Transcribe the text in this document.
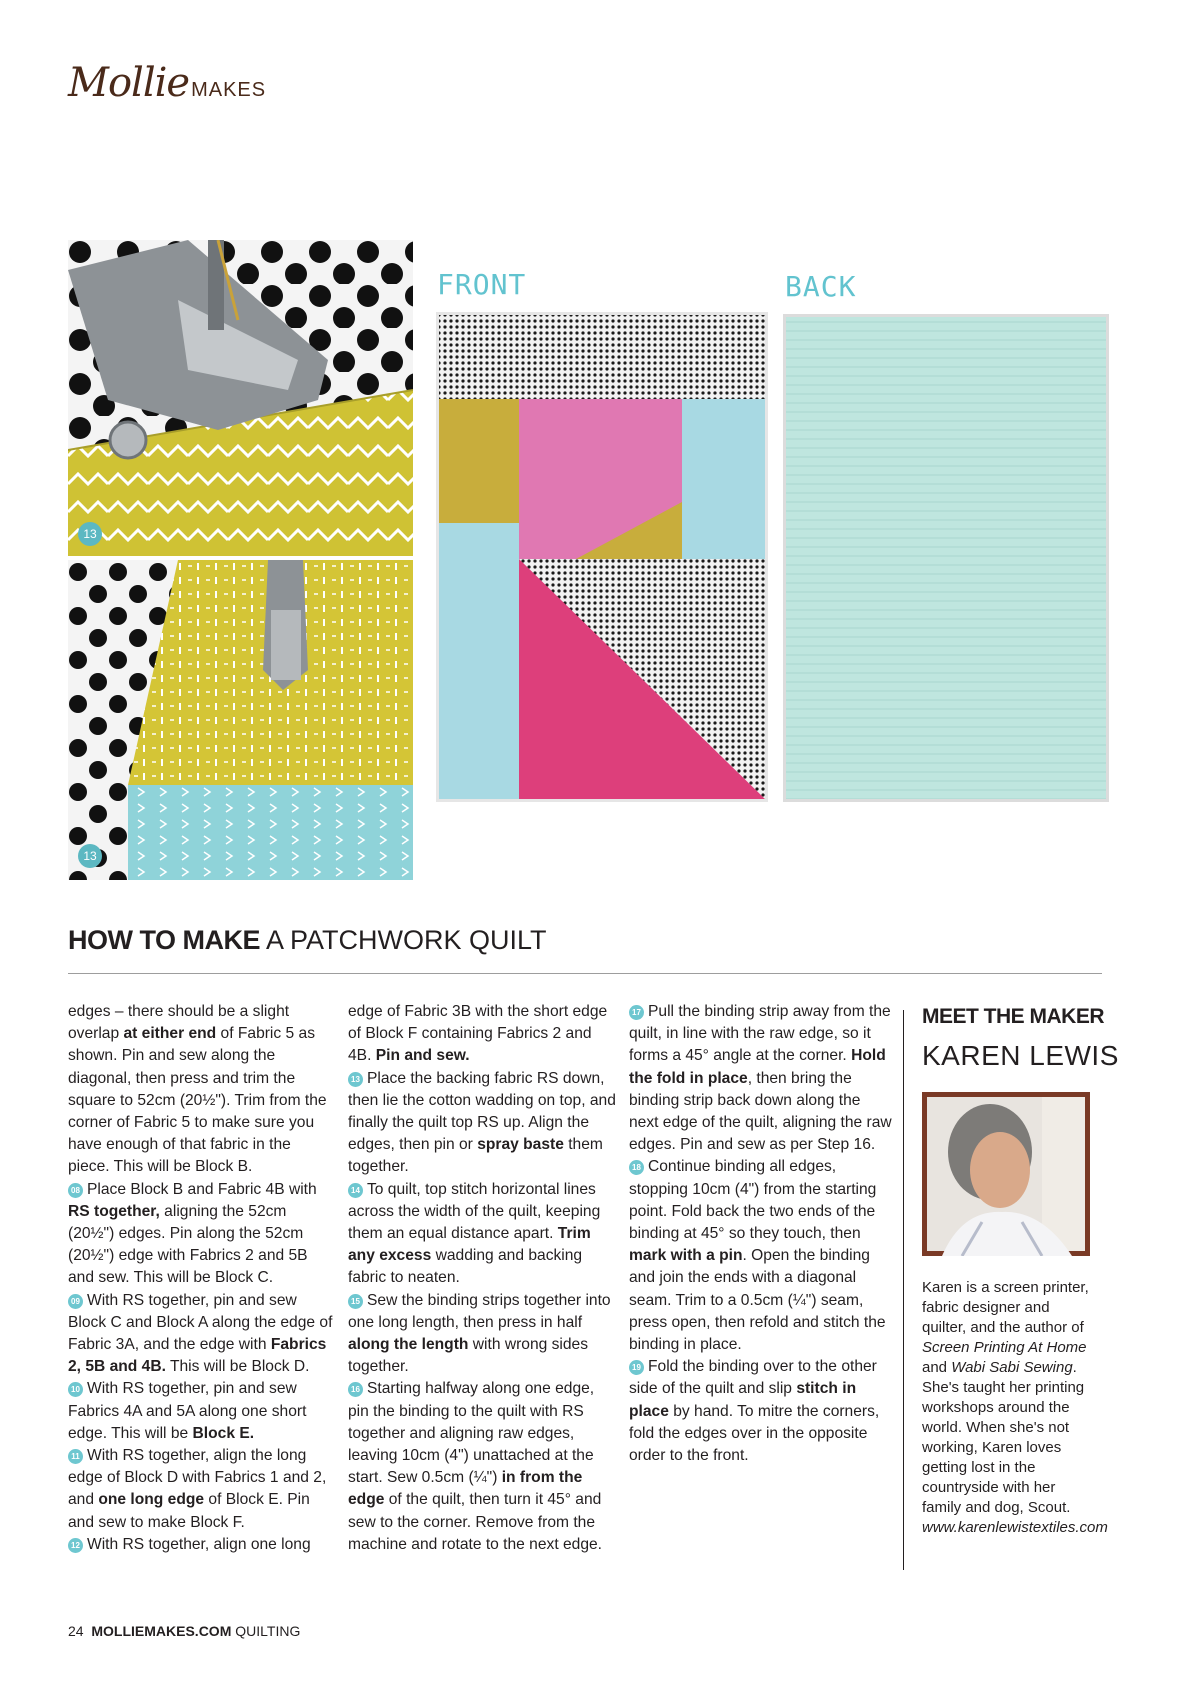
Mollie MAKES
13
13
FRONT	BACK
HOW TO MAKE A PATCHWORK QUILT
edges – there should be a slight overlap at either end of Fabric 5 as shown. Pin and sew along the diagonal, then press and trim the square to 52cm (20½"). Trim from the corner of Fabric 5 to make sure you have enough of that fabric in the piece. This will be Block B.
08 Place Block B and Fabric 4B with RS together, aligning the 52cm (20½") edges. Pin along the 52cm (20½") edge with Fabrics 2 and 5B and sew. This will be Block C.
09 With RS together, pin and sew Block C and Block A along the edge of Fabric 3A, and the edge with Fabrics 2, 5B and 4B. This will be Block D.
10 With RS together, pin and sew Fabrics 4A and 5A along one short edge. This will be Block E.
11 With RS together, align the long edge of Block D with Fabrics 1 and 2, and one long edge of Block E. Pin and sew to make Block F.
12 With RS together, align one long
edge of Fabric 3B with the short edge of Block F containing Fabrics 2 and 4B. Pin and sew.
13 Place the backing fabric RS down, then lie the cotton wadding on top, and finally the quilt top RS up. Align the edges, then pin or spray baste them together.
14 To quilt, top stitch horizontal lines across the width of the quilt, keeping them an equal distance apart. Trim any excess wadding and backing fabric to neaten.
15 Sew the binding strips together into one long length, then press in half along the length with wrong sides together.
16 Starting halfway along one edge, pin the binding to the quilt with RS together and aligning raw edges, leaving 10cm (4") unattached at the start. Sew 0.5cm (¼") in from the edge of the quilt, then turn it 45° and sew to the corner. Remove from the machine and rotate to the next edge.
17 Pull the binding strip away from the quilt, in line with the raw edge, so it forms a 45° angle at the corner. Hold the fold in place, then bring the binding strip back down along the next edge of the quilt, aligning the raw edges. Pin and sew as per Step 16.
18 Continue binding all edges, stopping 10cm (4") from the starting point. Fold back the two ends of the binding at 45° so they touch, then mark with a pin. Open the binding and join the ends with a diagonal seam. Trim to a 0.5cm (¼") seam, press open, then refold and stitch the binding in place.
19 Fold the binding over to the other side of the quilt and slip stitch in place by hand. To mitre the corners, fold the edges over in the opposite order to the front.
MEET THE MAKER
KAREN LEWIS
Karen is a screen printer, fabric designer and quilter, and the author of Screen Printing At Home and Wabi Sabi Sewing. She's taught her printing workshops around the world. When she's not working, Karen loves getting lost in the countryside with her family and dog, Scout. www.karenlewistextiles.com
24 MOLLIEMAKES.COM QUILTING
